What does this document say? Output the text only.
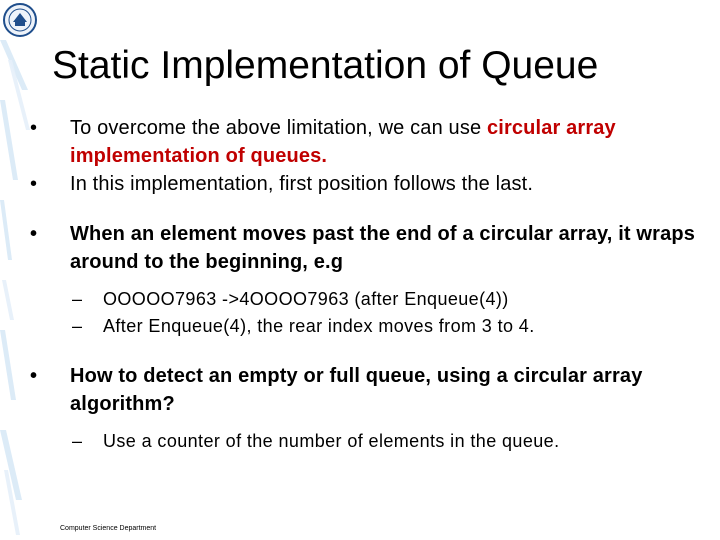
Static Implementation of Queue
•	To overcome the above limitation, we can use circular array implementation of queues.
•	In this implementation, first position follows the last.
•	When an element moves past the end of a circular array, it wraps around to the beginning, e.g
– OOOOO7963 ->4OOOO7963 (after Enqueue(4))
– After Enqueue(4), the rear index moves from 3 to 4.
•	How to detect an empty or full queue, using a circular array algorithm?
– Use a counter of the number of elements in the queue.
Computer Science Department
